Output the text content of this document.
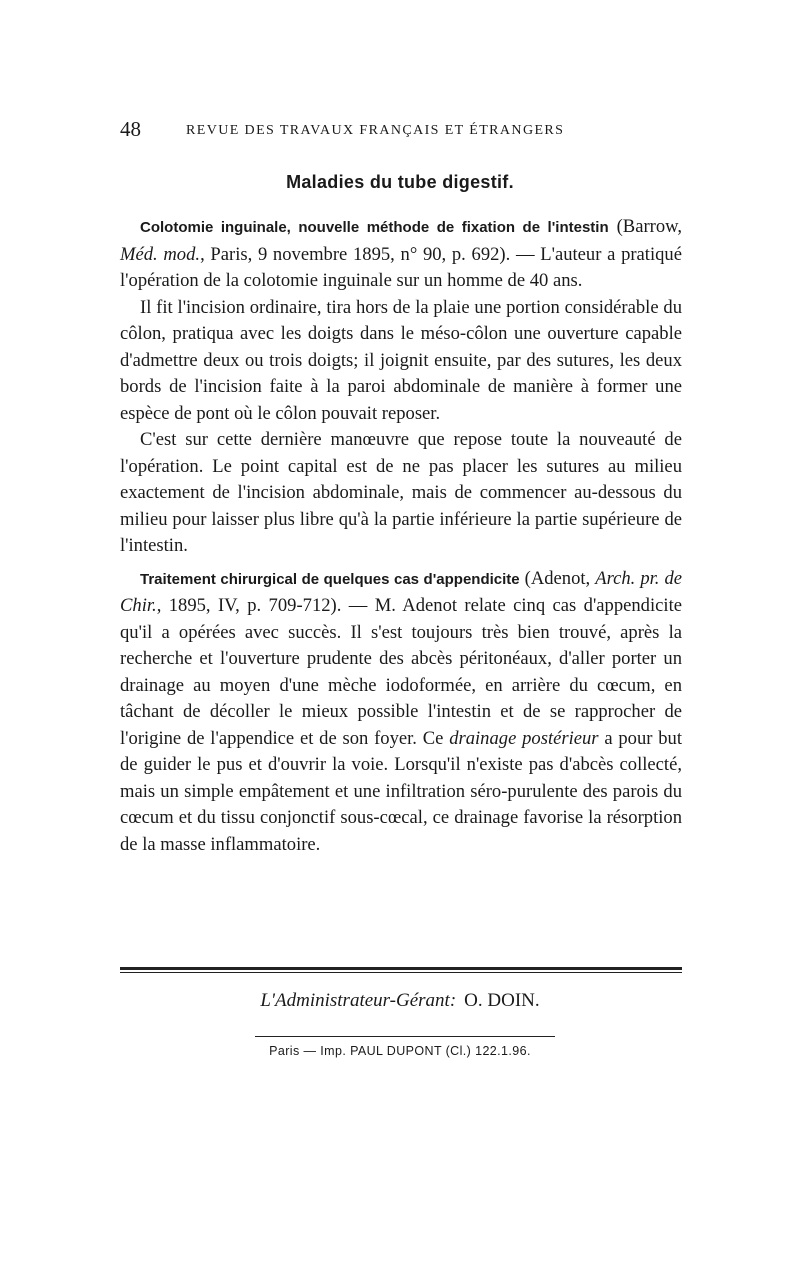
48	REVUE DES TRAVAUX FRANÇAIS ET ÉTRANGERS
Maladies du tube digestif.

Colotomie inguinale, nouvelle méthode de fixation de l'intestin (Barrow, Méd. mod., Paris, 9 novembre 1895, n° 90, p. 692). — L'auteur a pratiqué l'opération de la colotomie inguinale sur un homme de 40 ans.

Il fit l'incision ordinaire, tira hors de la plaie une portion considérable du côlon, pratiqua avec les doigts dans le méso-côlon une ouverture capable d'admettre deux ou trois doigts; il joignit ensuite, par des sutures, les deux bords de l'incision faite à la paroi abdominale de manière à former une espèce de pont où le côlon pouvait reposer.

C'est sur cette dernière manœuvre que repose toute la nouveauté de l'opération. Le point capital est de ne pas placer les sutures au milieu exactement de l'incision abdominale, mais de commencer au-dessous du milieu pour laisser plus libre qu'à la partie inférieure la partie supérieure de l'intestin.

Traitement chirurgical de quelques cas d'appendicite (Adenot, Arch. pr. de Chir., 1895, IV, p. 709-712). — M. Adenot relate cinq cas d'appendicite qu'il a opérées avec succès. Il s'est toujours très bien trouvé, après la recherche et l'ouverture prudente des abcès péritonéaux, d'aller porter un drainage au moyen d'une mèche iodoformée, en arrière du cœcum, en tâchant de décoller le mieux possible l'intestin et de se rapprocher de l'origine de l'appendice et de son foyer. Ce drainage postérieur a pour but de guider le pus et d'ouvrir la voie. Lorsqu'il n'existe pas d'abcès collecté, mais un simple empâtement et une infiltration séro-purulente des parois du cœcum et du tissu conjonctif sous-cœcal, ce drainage favorise la résorption de la masse inflammatoire.

L'Administrateur-Gérant: O. DOIN.
Paris — Imp. PAUL DUPONT (Cl.) 122.1.96.
